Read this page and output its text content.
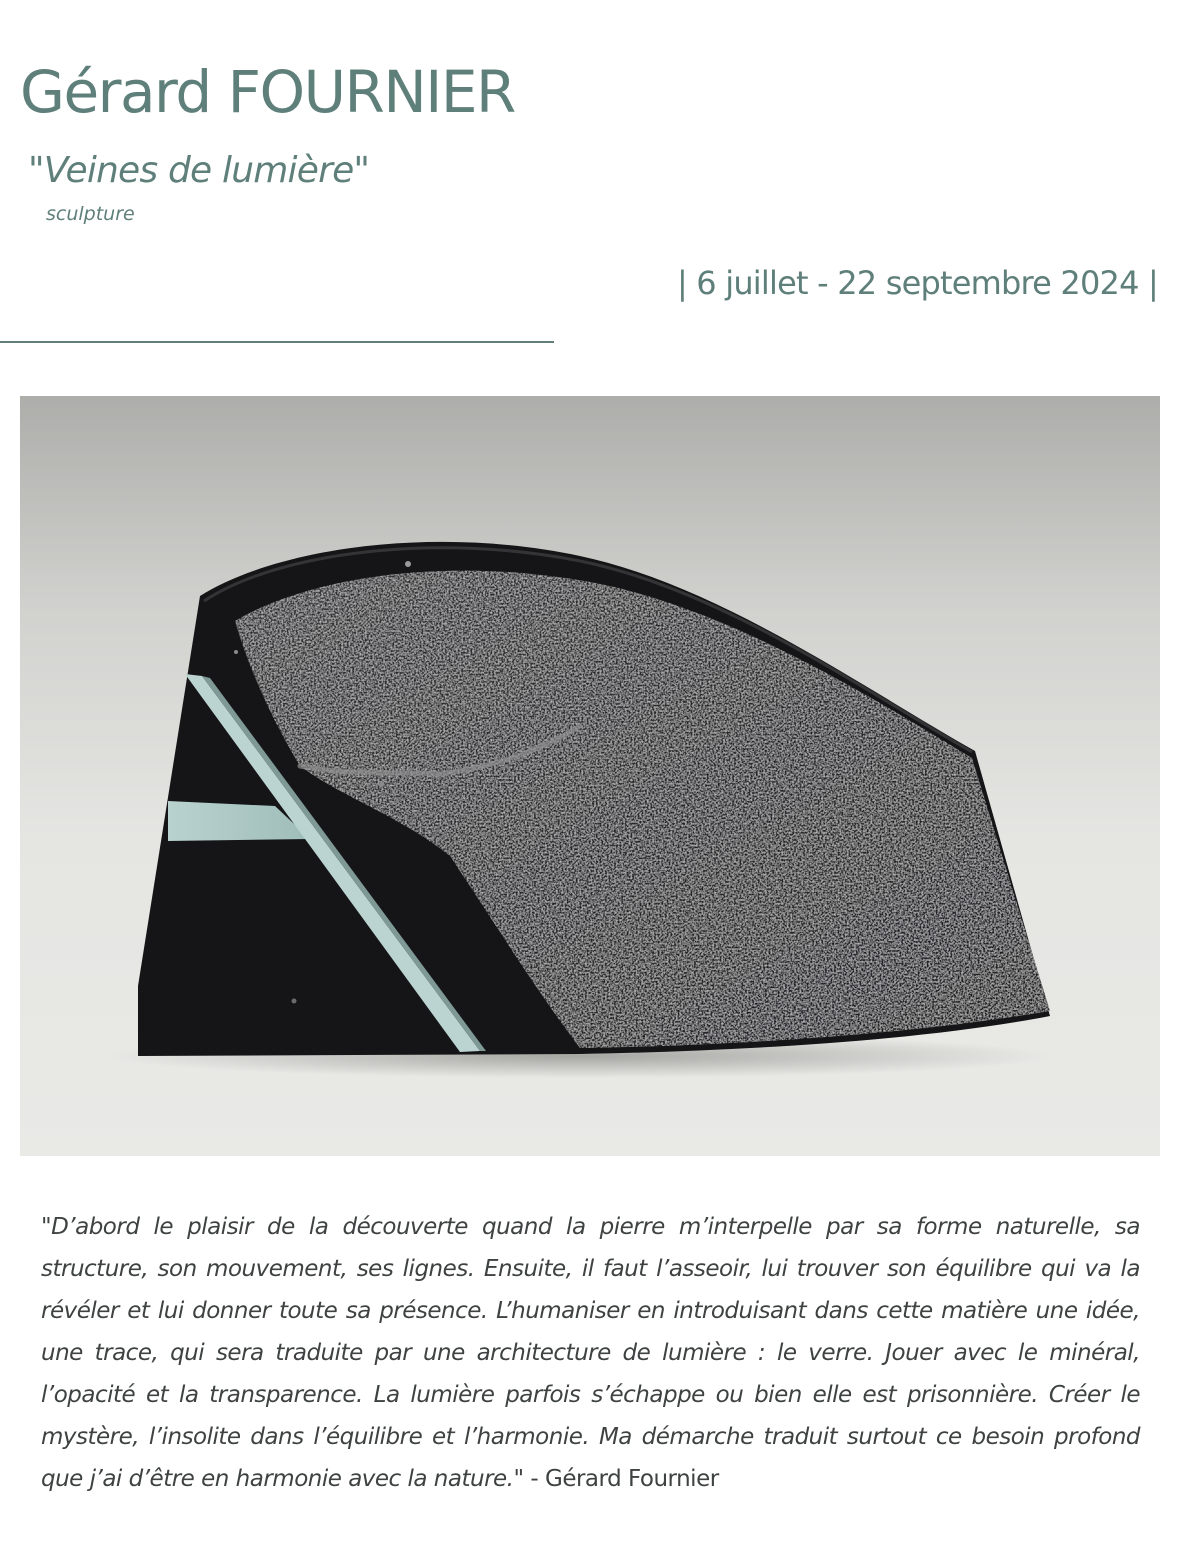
Gérard FOURNIER
"Veines de lumière"

sculpture

| 6 juillet - 22 septembre 2024 |

"D’abord le plaisir de la découverte quand la pierre m’interpelle par sa forme naturelle, sa structure, son mouvement, ses lignes. Ensuite, il faut l’asseoir, lui trouver son équilibre qui va la révéler et lui donner toute sa présence. L’humaniser en introduisant dans cette matière une idée, une trace, qui sera traduite par une architecture de lumière : le verre. Jouer avec le minéral, l’opacité et la transparence. La lumière parfois s’échappe ou bien elle est prisonnière. Créer le mystère, l’insolite dans l’équilibre et l’harmonie. Ma démarche traduit surtout ce besoin profond que j’ai d’être en harmonie avec la nature." - Gérard Fournier
